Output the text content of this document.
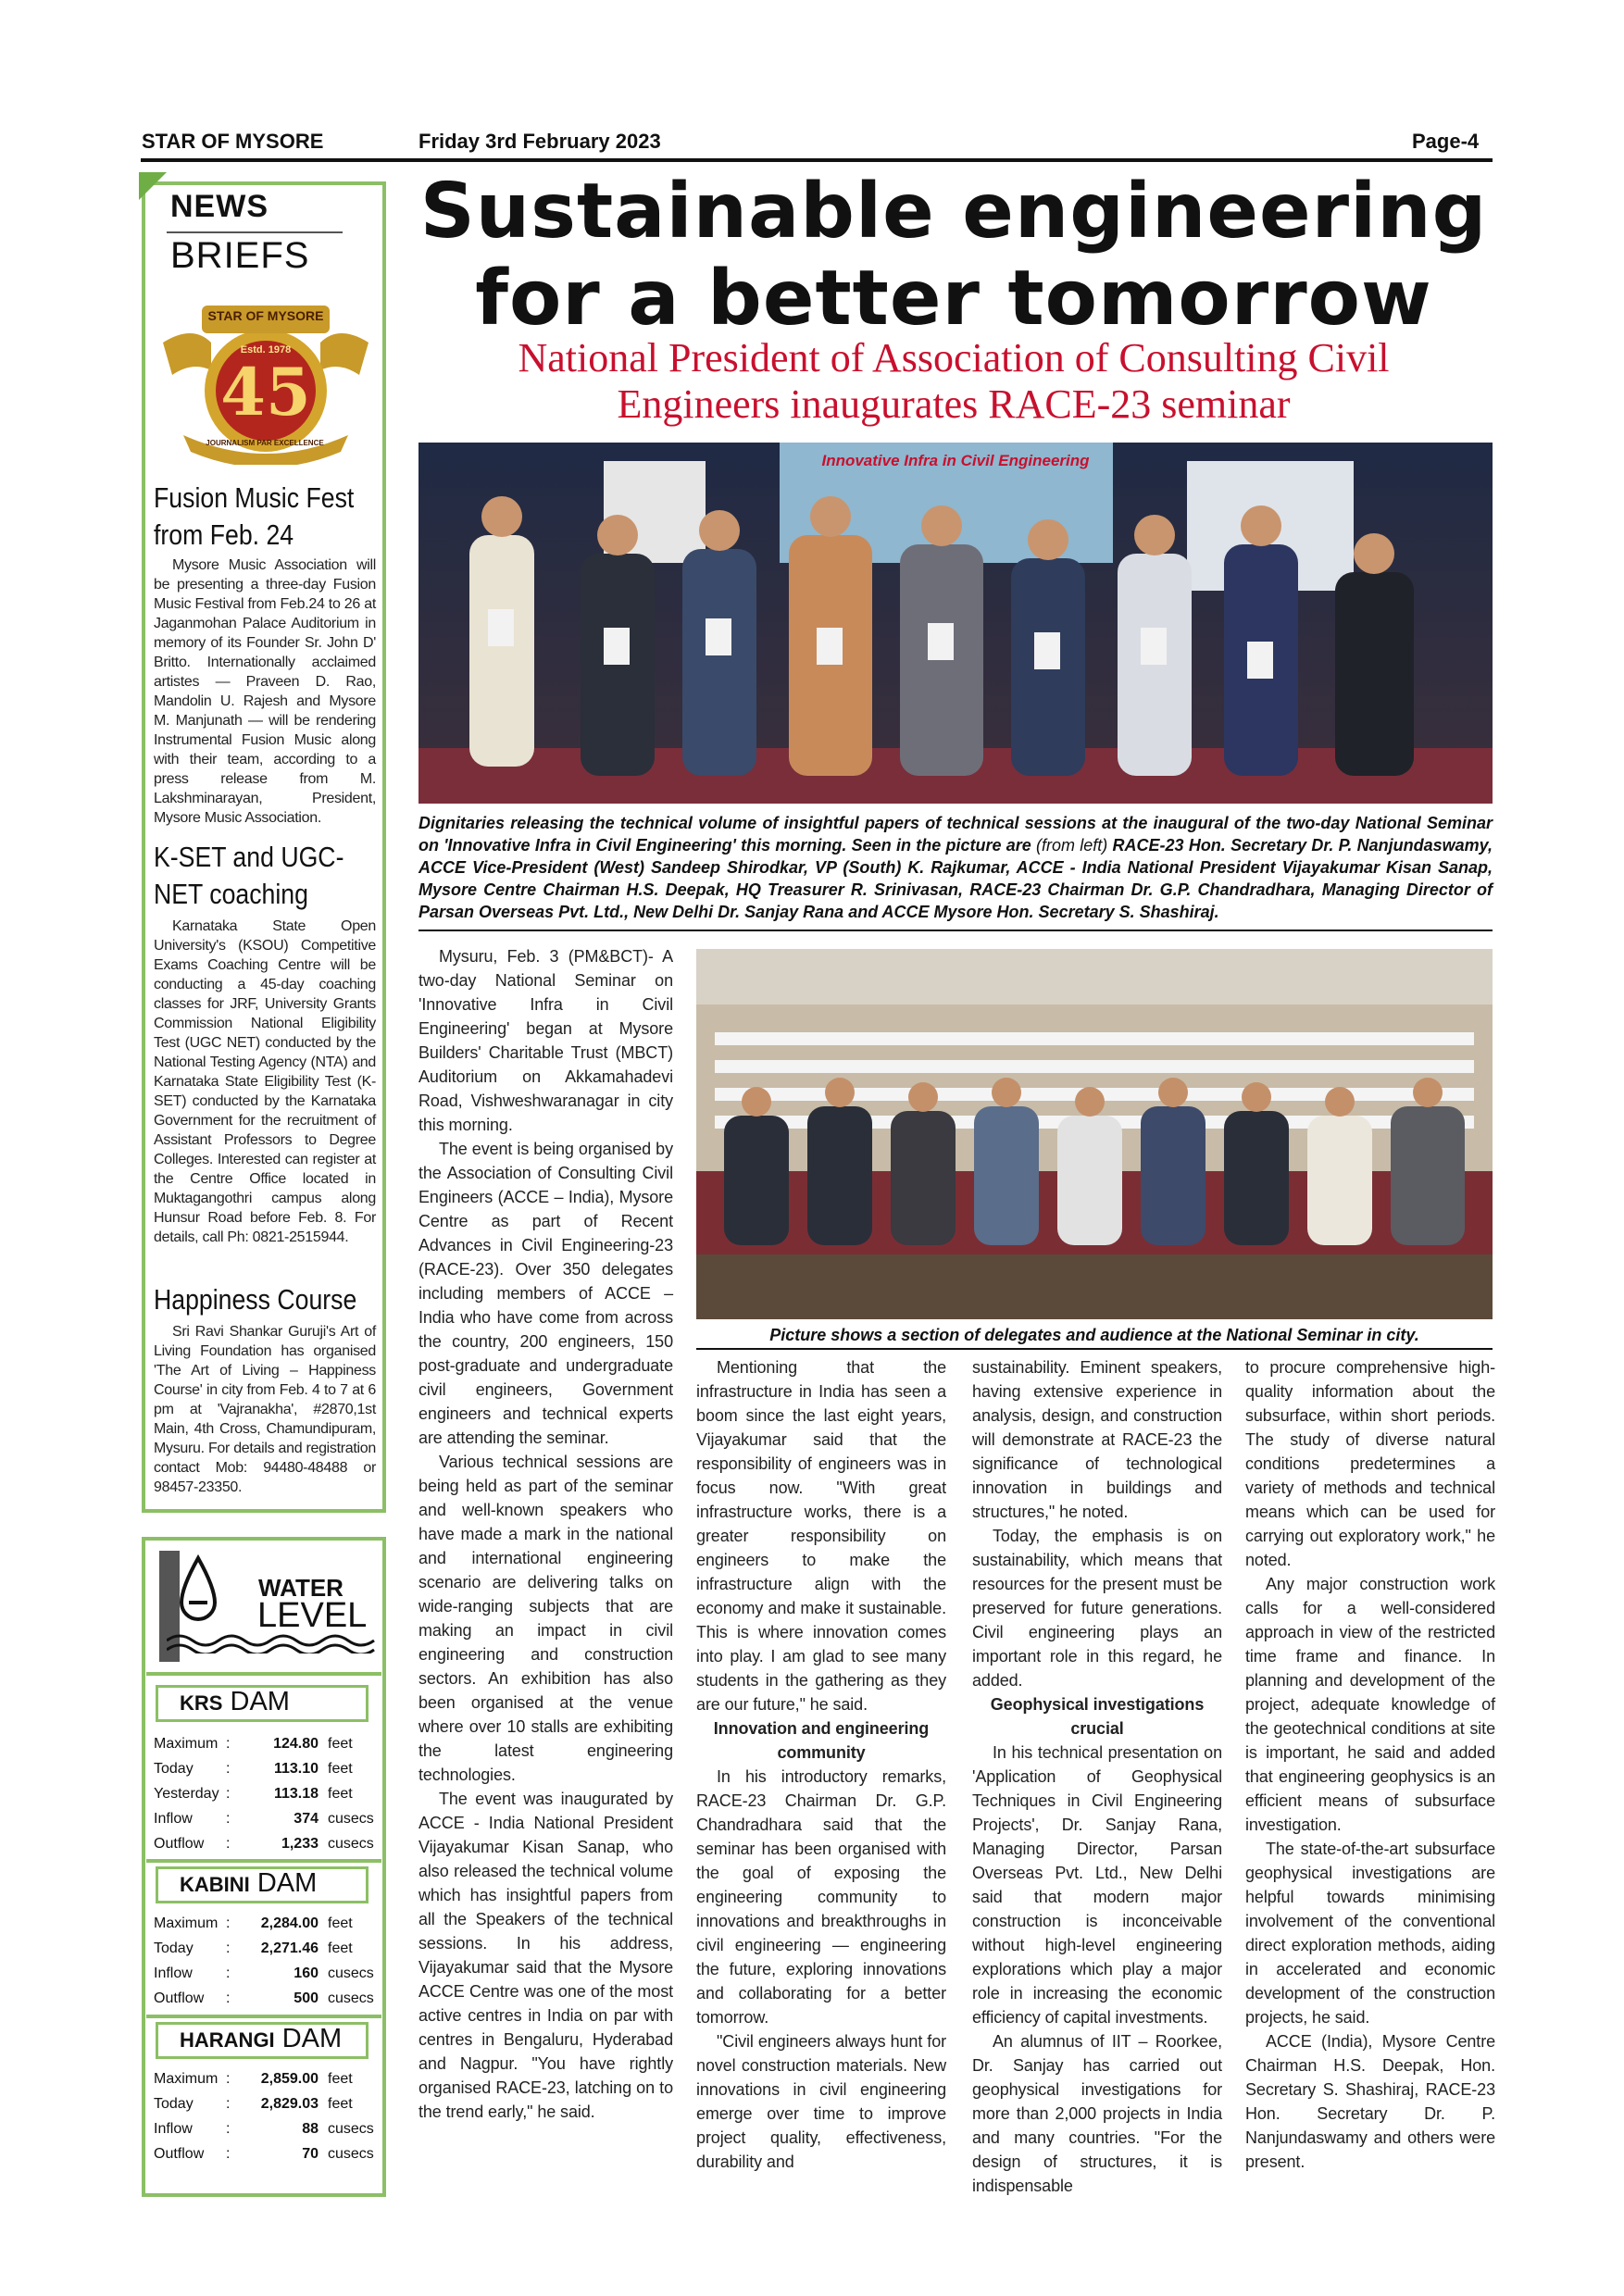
STAR OF MYSORE	Friday 3rd February 2023	Page-4
NEWS
BRIEFS
STAR OF MYSORE
Estd. 1978
45
JOURNALISM PAR EXCELLENCE
Fusion Music Fest from Feb. 24
Mysore Music Association will be presenting a three-day Fusion Music Festival from Feb.24 to 26 at Jaganmohan Palace Auditorium in memory of its Founder Sr. John D' Britto. Internationally acclaimed artistes — Praveen D. Rao, Mandolin U. Rajesh and Mysore M. Manjunath — will be rendering Instrumental Fusion Music along with their team, according to a press release from M. Lakshminarayan, President, Mysore Music Association.
K-SET and UGC-NET coaching
Karnataka State Open University's (KSOU) Competitive Exams Coaching Centre will be conducting a 45-day coaching classes for JRF, University Grants Commission National Eligibility Test (UGC NET) conducted by the National Testing Agency (NTA) and Karnataka State Eligibility Test (K-SET) conducted by the Karnataka Government for the recruitment of Assistant Professors to Degree Colleges. Interested can register at the Centre Office located in Muktagangothri campus along Hunsur Road before Feb. 8. For details, call Ph: 0821-2515944.
Happiness Course
Sri Ravi Shankar Guruji's Art of Living Foundation has organised 'The Art of Living – Happiness Course' in city from Feb. 4 to 7 at 6 pm at 'Vajranakha', #2870,1st Main, 4th Cross, Chamundipuram, Mysuru. For details and registration contact Mob: 94480-48488 or 98457-23350.
WATER
LEVEL
KRS DAM
Maximum :	124.80 feet
Today	:	113.10 feet
Yesterday :	113.18 feet
Inflow	:	374 cusecs
Outflow	:	1,233 cusecs
KABINI DAM
Maximum :	2,284.00 feet
Today	:	2,271.46 feet
Inflow	:	160 cusecs
Outflow	:	500 cusecs
HARANGI DAM
Maximum :	2,859.00 feet
Today	:	2,829.03 feet
Inflow	:	88 cusecs
Outflow	:	70 cusecs
Sustainable engineering
for a better tomorrow
National President of Association of Consulting Civil
Engineers inaugurates RACE-23 seminar
Innovative Infra in Civil Engineering
Dignitaries releasing the technical volume of insightful papers of technical sessions at the inaugural of the two-day National Seminar on 'Innovative Infra in Civil Engineering' this morning. Seen in the picture are (from left) RACE-23 Hon. Secretary Dr. P. Nanjundaswamy, ACCE Vice-President (West) Sandeep Shirodkar, VP (South) K. Rajkumar, ACCE - India National President Vijayakumar Kisan Sanap, Mysore Centre Chairman H.S. Deepak, HQ Treasurer R. Srinivasan, RACE-23 Chairman Dr. G.P. Chandradhara, Managing Director of Parsan Overseas Pvt. Ltd., New Delhi Dr. Sanjay Rana and ACCE Mysore Hon. Secretary S. Shashiraj.
Picture shows a section of delegates and audience at the National Seminar in city.

Mysuru, Feb. 3 (PM&BCT)- A two-day National Seminar on 'Innovative Infra in Civil Engineering' began at Mysore Builders' Charitable Trust (MBCT) Auditorium on Akkamahadevi Road, Vishweshwaranagar in city this morning.

The event is being organised by the Association of Consulting Civil Engineers (ACCE – India), Mysore Centre as part of Recent Advances in Civil Engineering-23 (RACE-23). Over 350 delegates including members of ACCE – India who have come from across the country, 200 engineers, 150 post-graduate and undergraduate civil engineers, Government engineers and technical experts are attending the seminar.

Various technical sessions are being held as part of the seminar and well-known speakers who have made a mark in the national and international engineering scenario are delivering talks on wide-ranging subjects that are making an impact in civil engineering and construction sectors. An exhibition has also been organised at the venue where over 10 stalls are exhibiting the latest engineering technologies.

The event was inaugurated by ACCE - India National President Vijayakumar Kisan Sanap, who also released the technical volume which has insightful papers from all the Speakers of the technical sessions. In his address, Vijayakumar said that the Mysore ACCE Centre was one of the most active centres in India on par with centres in Bengaluru, Hyderabad and Nagpur. "You have rightly organised RACE-23, latching on to the trend early," he said.

Mentioning that the infrastructure in India has seen a boom since the last eight years, Vijayakumar said that the responsibility of engineers was in focus now. "With great infrastructure works, there is a greater responsibility on engineers to make the infrastructure align with the economy and make it sustainable. This is where innovation comes into play. I am glad to see many students in the gathering as they are our future," he said.

Innovation and engineering community

In his introductory remarks, RACE-23 Chairman Dr. G.P. Chandradhara said that the seminar has been organised with the goal of exposing the engineering community to innovations and breakthroughs in civil engineering — engineering the future, exploring innovations and collaborating for a better tomorrow.

"Civil engineers always hunt for novel construction materials. New innovations in civil engineering emerge over time to improve project quality, effectiveness, durability and

sustainability. Eminent speakers, having extensive experience in analysis, design, and construction will demonstrate at RACE-23 the significance of technological innovation in buildings and structures," he noted.

Today, the emphasis is on sustainability, which means that resources for the present must be preserved for future generations. Civil engineering plays an important role in this regard, he added.

Geophysical investigations crucial

In his technical presentation on 'Application of Geophysical Techniques in Civil Engineering Projects', Dr. Sanjay Rana, Managing Director, Parsan Overseas Pvt. Ltd., New Delhi said that modern major construction is inconceivable without high-level engineering explorations which play a major role in increasing the economic efficiency of capital investments.

An alumnus of IIT – Roorkee, Dr. Sanjay has carried out geophysical investigations for more than 2,000 projects in India and many countries. "For the design of structures, it is indispensable

to procure comprehensive high-quality information about the subsurface, within short periods. The study of diverse natural conditions predetermines a variety of methods and technical means which can be used for carrying out exploratory work," he noted.

Any major construction work calls for a well-considered approach in view of the restricted time frame and finance. In planning and development of the project, adequate knowledge of the geotechnical conditions at site is important, he said and added that engineering geophysics is an efficient means of subsurface investigation.

The state-of-the-art subsurface geophysical investigations are helpful towards minimising involvement of the conventional direct exploration methods, aiding in accelerated and economic development of the construction projects, he said.

ACCE (India), Mysore Centre Chairman H.S. Deepak, Hon. Secretary S. Shashiraj, RACE-23 Hon. Secretary Dr. P. Nanjundaswamy and others were present.
